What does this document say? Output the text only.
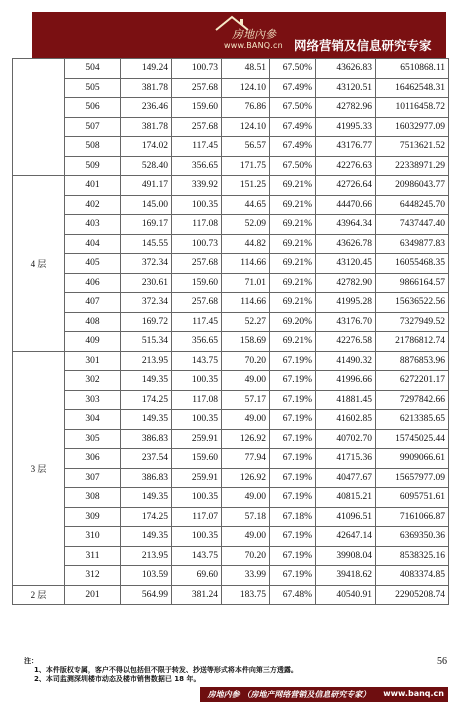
房地內參
www.BANQ.cn 网络营销及信息研究专家
	504	149.24	100.73	48.51	67.50%	43626.83	6510868.11
	505	381.78	257.68	124.10	67.49%	43120.51	16462548.31
	506	236.46	159.60	76.86	67.50%	42782.96	10116458.72
	507	381.78	257.68	124.10	67.49%	41995.33	16032977.09
	508	174.02	117.45	56.57	67.49%	43176.77	7513621.52
	509	528.40	356.65	171.75	67.50%	42276.63	22338971.29
4 层	401	491.17	339.92	151.25	69.21%	42726.64	20986043.77
	402	145.00	100.35	44.65	69.21%	44470.66	6448245.70
	403	169.17	117.08	52.09	69.21%	43964.34	7437447.40
	404	145.55	100.73	44.82	69.21%	43626.78	6349877.83
	405	372.34	257.68	114.66	69.21%	43120.45	16055468.35
	406	230.61	159.60	71.01	69.21%	42782.90	9866164.57
	407	372.34	257.68	114.66	69.21%	41995.28	15636522.56
	408	169.72	117.45	52.27	69.20%	43176.70	7327949.52
	409	515.34	356.65	158.69	69.21%	42276.58	21786812.74
3 层	301	213.95	143.75	70.20	67.19%	41490.32	8876853.96
	302	149.35	100.35	49.00	67.19%	41996.66	6272201.17
	303	174.25	117.08	57.17	67.19%	41881.45	7297842.66
	304	149.35	100.35	49.00	67.19%	41602.85	6213385.65
	305	386.83	259.91	126.92	67.19%	40702.70	15745025.44
	306	237.54	159.60	77.94	67.19%	41715.36	9909066.61
	307	386.83	259.91	126.92	67.19%	40477.67	15657977.09
	308	149.35	100.35	49.00	67.19%	40815.21	6095751.61
	309	174.25	117.07	57.18	67.18%	41096.51	7161066.87
	310	149.35	100.35	49.00	67.19%	42647.14	6369350.36
	311	213.95	143.75	70.20	67.19%	39908.04	8538325.16
	312	103.59	69.60	33.99	67.19%	39418.62	4083374.85
2 层	201	564.99	381.24	183.75	67.48%	40540.91	22905208.74
注：
1、本件版权专属，客户不得以包括但不限于转发、抄送等形式将本件向第三方透露。
2、本司监测深圳楼市动态及楼市销售数据已 18 年。
56
房地内参 （房地产网络营销及信息研究专家）	www.banq.cn
